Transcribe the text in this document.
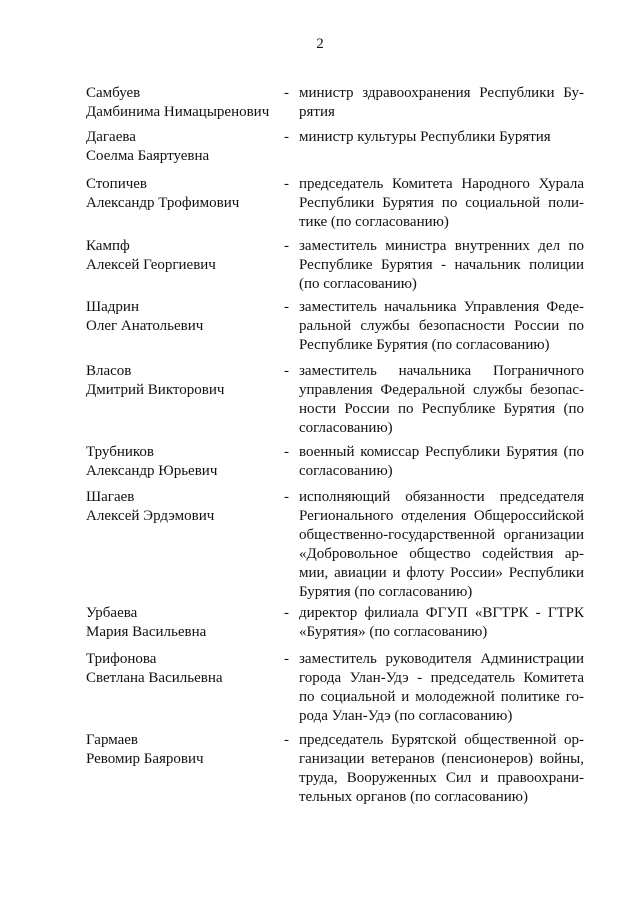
2
Самбуев
Дамбинима Нимацыренович
- министр здравоохранения Республики Бу-
рятия
Дагаева
Соелма Баяртуевна
- министр культуры Республики Бурятия
Стопичев
Александр Трофимович
- председатель Комитета Народного Хурала
Республики Бурятия по социальной поли-
тике (по согласованию)
Кампф
Алексей Георгиевич
- заместитель министра внутренних дел по
Республике Бурятия - начальник полиции
(по согласованию)
Шадрин
Олег Анатольевич
- заместитель начальника Управления Феде-
ральной службы безопасности России по
Республике Бурятия (по согласованию)
Власов
Дмитрий Викторович
- заместитель начальника Пограничного
управления Федеральной службы безопас-
ности России по Республике Бурятия (по
согласованию)
Трубников
Александр Юрьевич
- военный комиссар Республики Бурятия (по
согласованию)
Шагаев
Алексей Эрдэмович
- исполняющий обязанности председателя
Регионального отделения Общероссийской
общественно-государственной организации
«Добровольное общество содействия ар-
мии, авиации и флоту России» Республики
Бурятия (по согласованию)
Урбаева
Мария Васильевна
- директор филиала ФГУП «ВГТРК - ГТРК
«Бурятия» (по согласованию)
Трифонова
Светлана Васильевна
- заместитель руководителя Администрации
города Улан-Удэ - председатель Комитета
по социальной и молодежной политике го-
рода Улан-Удэ (по согласованию)
Гармаев
Ревомир Баярович
- председатель Бурятской общественной ор-
ганизации ветеранов (пенсионеров) войны,
труда, Вооруженных Сил и правоохрани-
тельных органов (по согласованию)
